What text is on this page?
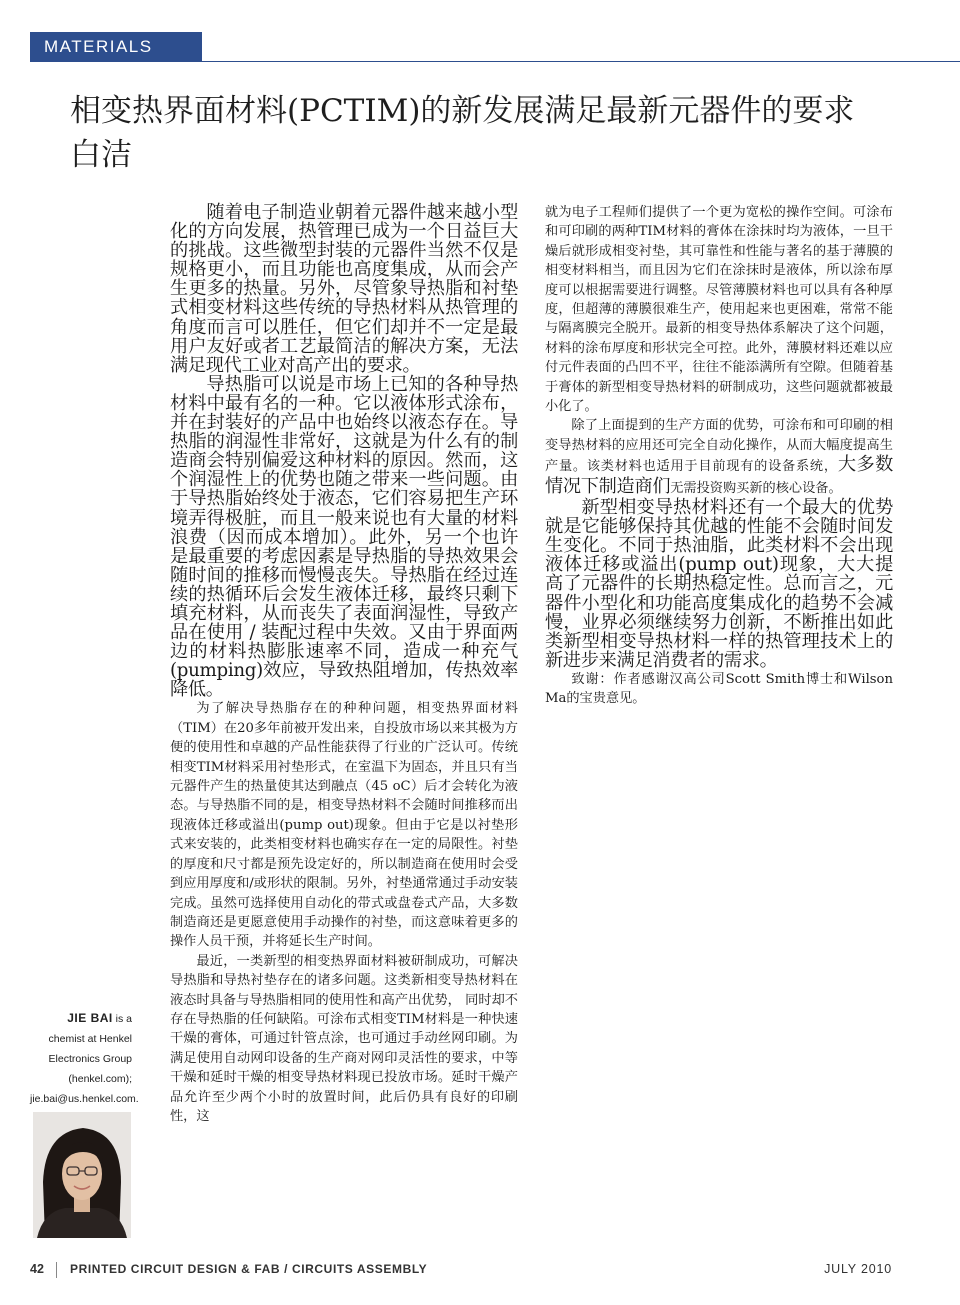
MATERIALS WORLD
相变热界面材料(PCTIM)的新发展满足最新元器件的要求
白洁

随着电子制造业朝着元器件越来越小型化的方向发展，热管理已成为一个日益巨大的挑战。这些微型封装的元器件当然不仅是规格更小，而且功能也高度集成，从而会产生更多的热量。另外，尽管象导热脂和衬垫式相变材料这些传统的导热材料从热管理的角度而言可以胜任，但它们却并不一定是最用户友好或者工艺最简洁的解决方案，无法满足现代工业对高产出的要求。

导热脂可以说是市场上已知的各种导热材料中最有名的一种。它以液体形式涂布，并在封装好的产品中也始终以液态存在。导热脂的润湿性非常好，这就是为什么有的制造商会特别偏爱这种材料的原因。然而，这个润湿性上的优势也随之带来一些问题。由于导热脂始终处于液态，它们容易把生产环境弄得极脏，而且一般来说也有大量的材料浪费（因而成本增加）。此外，另一个也许是最重要的考虑因素是导热脂的导热效果会随时间的推移而慢慢丧失。导热脂在经过连续的热循环后会发生液体迁移，最终只剩下填充材料，从而丧失了表面润湿性，导致产品在使用 / 装配过程中失效。又由于界面两边的材料热膨胀速率不同，造成一种充气(pumping)效应，导致热阻增加，传热效率降低。

为了解决导热脂存在的种种问题，相变热界面材料（TIM）在20多年前被开发出来，自投放市场以来其极为方便的使用性和卓越的产品性能获得了行业的广泛认可。传统相变TIM材料采用衬垫形式，在室温下为固态，并且只有当元器件产生的热量使其达到融点（45 oC）后才会转化为液态。与导热脂不同的是，相变导热材料不会随时间推移而出现液体迁移或溢出(pump out)现象。但由于它是以衬垫形式来安装的，此类相变材料也确实存在一定的局限性。衬垫的厚度和尺寸都是预先设定好的，所以制造商在使用时会受到应用厚度和/或形状的限制。另外，衬垫通常通过手动安装完成。虽然可选择使用自动化的带式或盘卷式产品，大多数制造商还是更愿意使用手动操作的衬垫，而这意味着更多的操作人员干预，并将延长生产时间。

最近，一类新型的相变热界面材料被研制成功，可解决导热脂和导热衬垫存在的诸多问题。这类新相变导热材料在液态时具备与导热脂相同的使用性和高产出优势， 同时却不存在导热脂的任何缺陷。可涂布式相变TIM材料是一种快速干燥的膏体，可通过针管点涂，也可通过手动丝网印刷。为满足使用自动网印设备的生产商对网印灵活性的要求，中等干燥和延时干燥的相变导热材料现已投放市场。延时干燥产品允许至少两个小时的放置时间，此后仍具有良好的印刷性，这

就为电子工程师们提供了一个更为宽松的操作空间。可涂布和可印刷的两种TIM材料的膏体在涂抹时均为液体，一旦干燥后就形成相变衬垫，其可靠性和性能与著名的基于薄膜的相变材料相当，而且因为它们在涂抹时是液体，所以涂布厚度可以根据需要进行调整。尽管薄膜材料也可以具有各种厚度，但超薄的薄膜很难生产，使用起来也更困难，常常不能与隔离膜完全脱开。最新的相变导热体系解决了这个问题，材料的涂布厚度和形状完全可控。此外，薄膜材料还难以应付元件表面的凸凹不平，往往不能添满所有空隙。但随着基于膏体的新型相变导热材料的研制成功，这些问题就都被最小化了。

除了上面提到的生产方面的优势，可涂布和可印刷的相变导热材料的应用还可完全自动化操作，从而大幅度提高生产量。该类材料也适用于目前现有的设备系统，大多数情况下制造商们无需投资购买新的核心设备。

新型相变导热材料还有一个最大的优势就是它能够保持其优越的性能不会随时间发生变化。不同于热油脂，此类材料不会出现液体迁移或溢出(pump out)现象，大大提高了元器件的长期热稳定性。总而言之，元器件小型化和功能高度集成化的趋势不会减慢，业界必须继续努力创新，不断推出如此类新型相变导热材料一样的热管理技术上的新进步来满足消费者的需求。

致谢：作者感谢汉高公司Scott Smith博士和Wilson Ma的宝贵意见。

JIE BAI is a chemist at Henkel Electronics Group (henkel.com); jie.bai@us.henkel.com.
42 PRINTED CIRCUIT DESIGN & FAB / CIRCUITS ASSEMBLY	JULY 2010
